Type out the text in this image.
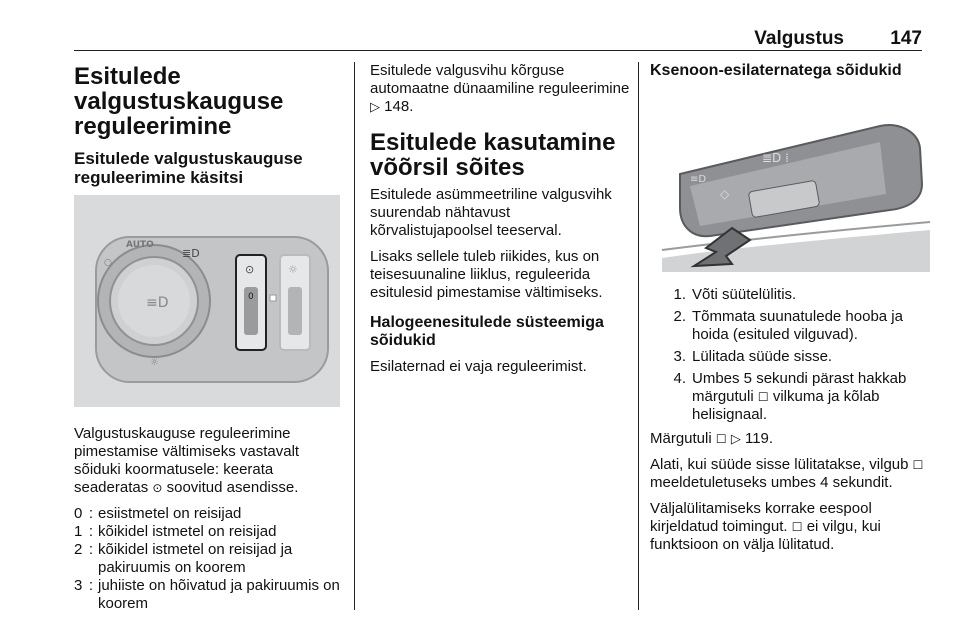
Valgustus 147
Esitulede valgustuskauguse reguleerimine
Esitulede valgustuskauguse reguleerimine käsitsi
≡D
○
AUTO
≣D
☼
⊙
0
☼

Valgustuskauguse reguleerimine pimestamise vältimiseks vastavalt sõiduki koormatusele: keerata seaderatas ⊙ soovitud asendisse.

0 : esiistmetel on reisijad
1 : kõikidel istmetel on reisijad
2 : kõikidel istmetel on reisijad ja pakiruumis on koorem
3 : juhiiste on hõivatud ja pakiruumis on koorem

Esitulede valgusvihu kõrguse automaatne dünaamiline reguleerimine ▷ 148.

Esitulede kasutamine võõrsil sõites

Esitulede asümmeetriline valgusvihk suurendab nähtavust kõrvalistujapoolsel teeserval.

Lisaks sellele tuleb riikides, kus on teisesuunaline liiklus, reguleerida esitulesid pimestamise vältimiseks.

Halogeenesitulede süsteemiga sõidukid

Esilaternad ei vaja reguleerimist.

Ksenoon-esilaternatega sõidukid
≣D ⁞
≡D
◇
1. Võti süütelülitis.
2. Tõmmata suunatulede hooba ja hoida (esituled vilguvad).
3. Lülitada süüde sisse.
4. Umbes 5 sekundi pärast hakkab märgutuli ☐ vilkuma ja kõlab helisignaal.

Märgutuli ☐ ▷ 119.

Alati, kui süüde sisse lülitatakse, vilgub ☐ meeldetuletuseks umbes 4 sekundit.

Väljalülitamiseks korrake eespool kirjeldatud toimingut. ☐ ei vilgu, kui funktsioon on välja lülitatud.
